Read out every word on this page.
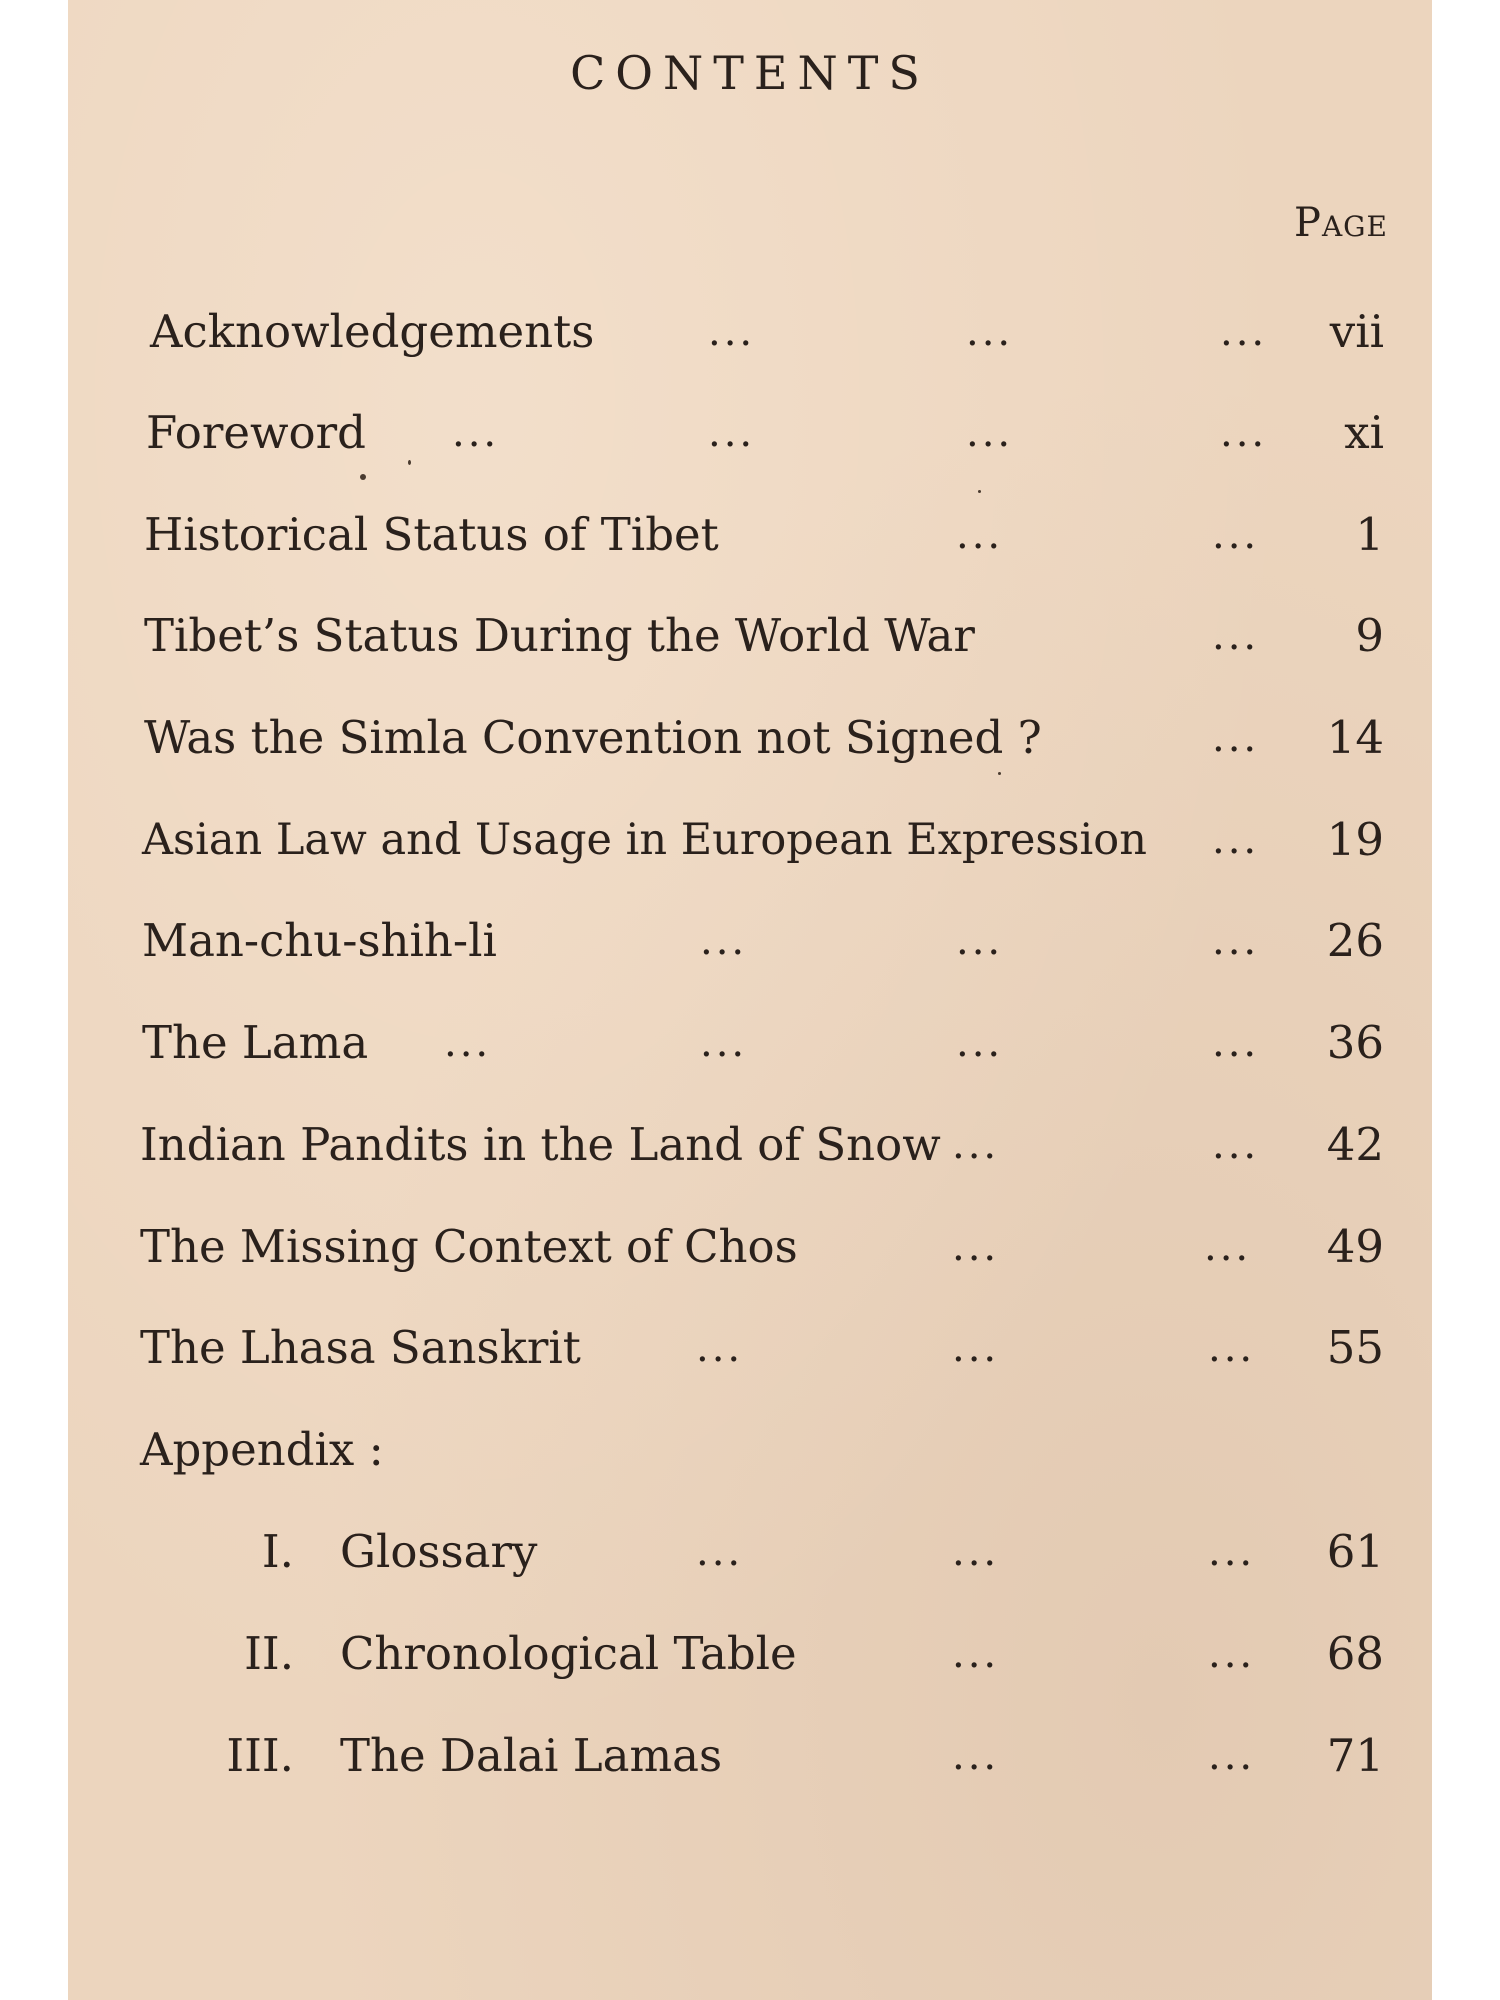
CONTENTS
Page
Acknowledgements	...	...	...	vii
Foreword ...	...	...	...	xi
Historical Status of Tibet	...	...	1
Tibet’s Status During the World War	...	9
Was the Simla Convention not Signed ?	...	14
Asian Law and Usage in European Expression ...	19
Man-chu-shih-li	...	...	...	26
The Lama ...	...	...	...	36
Indian Pandits in the Land of Snow ...	...	42
The Missing Context of Chos	...	...	49
The Lhasa Sanskrit	...	...	...	55
Appendix :
I. Glossary	...	...	...	61
II. Chronological Table	...	...	68
III. The Dalai Lamas	...	...	71
